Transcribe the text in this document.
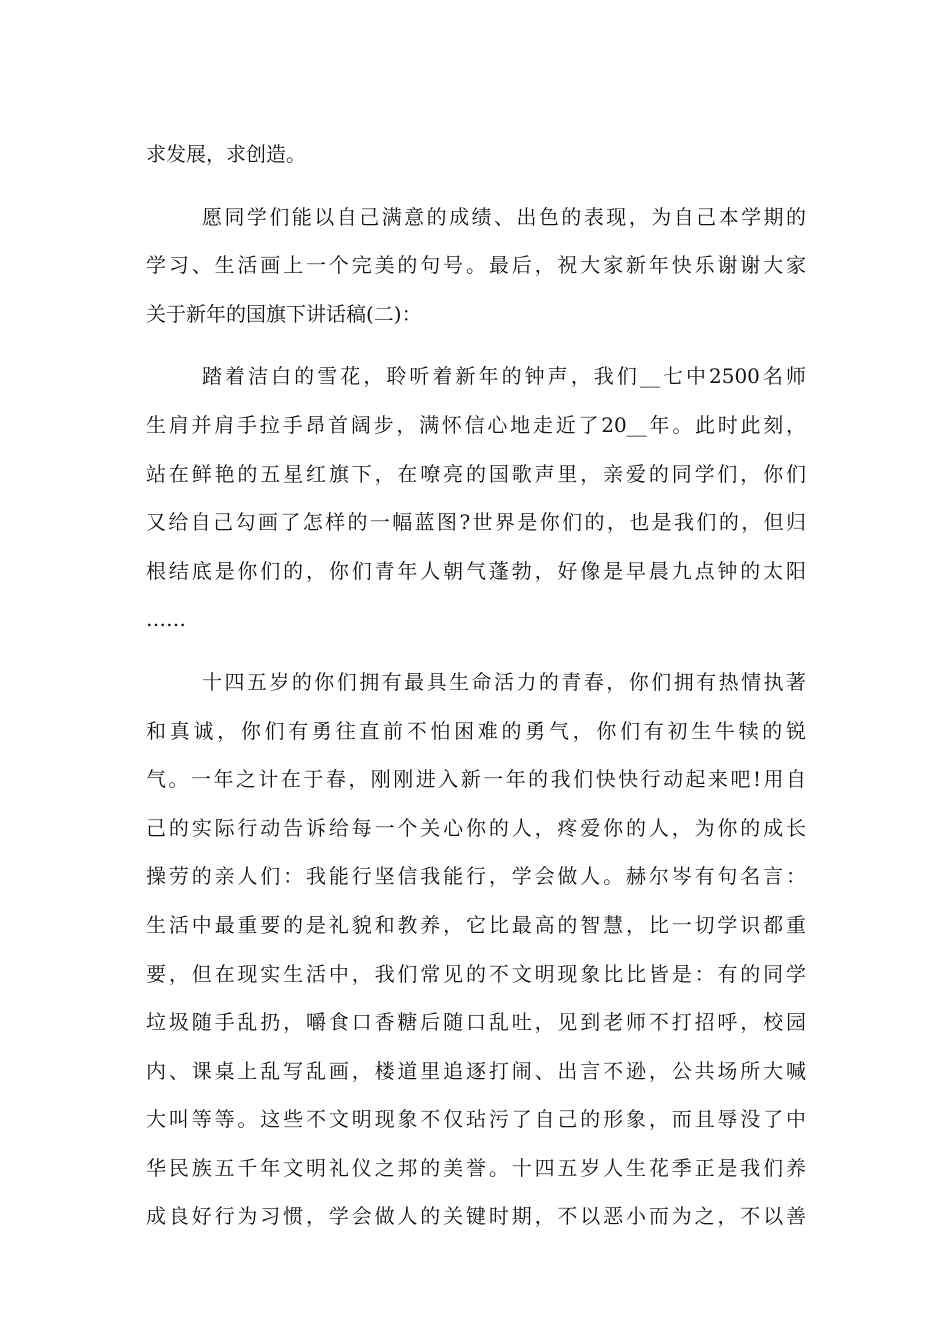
求发展，求创造。
愿同学们能以自己满意的成绩、出色的表现，为自己本学期的
学习、生活画上一个完美的句号。最后，祝大家新年快乐谢谢大家
关于新年的国旗下讲话稿(二)：
踏着洁白的雪花，聆听着新年的钟声，我们__七中2500名师
生肩并肩手拉手昂首阔步，满怀信心地走近了20__年。此时此刻，
站在鲜艳的五星红旗下，在嘹亮的国歌声里，亲爱的同学们，你们
又给自己勾画了怎样的一幅蓝图?世界是你们的，也是我们的，但归
根结底是你们的，你们青年人朝气蓬勃，好像是早晨九点钟的太阳
……
十四五岁的你们拥有最具生命活力的青春，你们拥有热情执著
和真诚，你们有勇往直前不怕困难的勇气，你们有初生牛犊的锐
气。一年之计在于春，刚刚进入新一年的我们快快行动起来吧!用自
己的实际行动告诉给每一个关心你的人，疼爱你的人，为你的成长
操劳的亲人们：我能行坚信我能行，学会做人。赫尔岑有句名言：
生活中最重要的是礼貌和教养，它比最高的智慧，比一切学识都重
要，但在现实生活中，我们常见的不文明现象比比皆是：有的同学
垃圾随手乱扔，嚼食口香糖后随口乱吐，见到老师不打招呼，校园
内、课桌上乱写乱画，楼道里追逐打闹、出言不逊，公共场所大喊
大叫等等。这些不文明现象不仅玷污了自己的形象，而且辱没了中
华民族五千年文明礼仪之邦的美誉。十四五岁人生花季正是我们养
成良好行为习惯，学会做人的关键时期，不以恶小而为之，不以善
